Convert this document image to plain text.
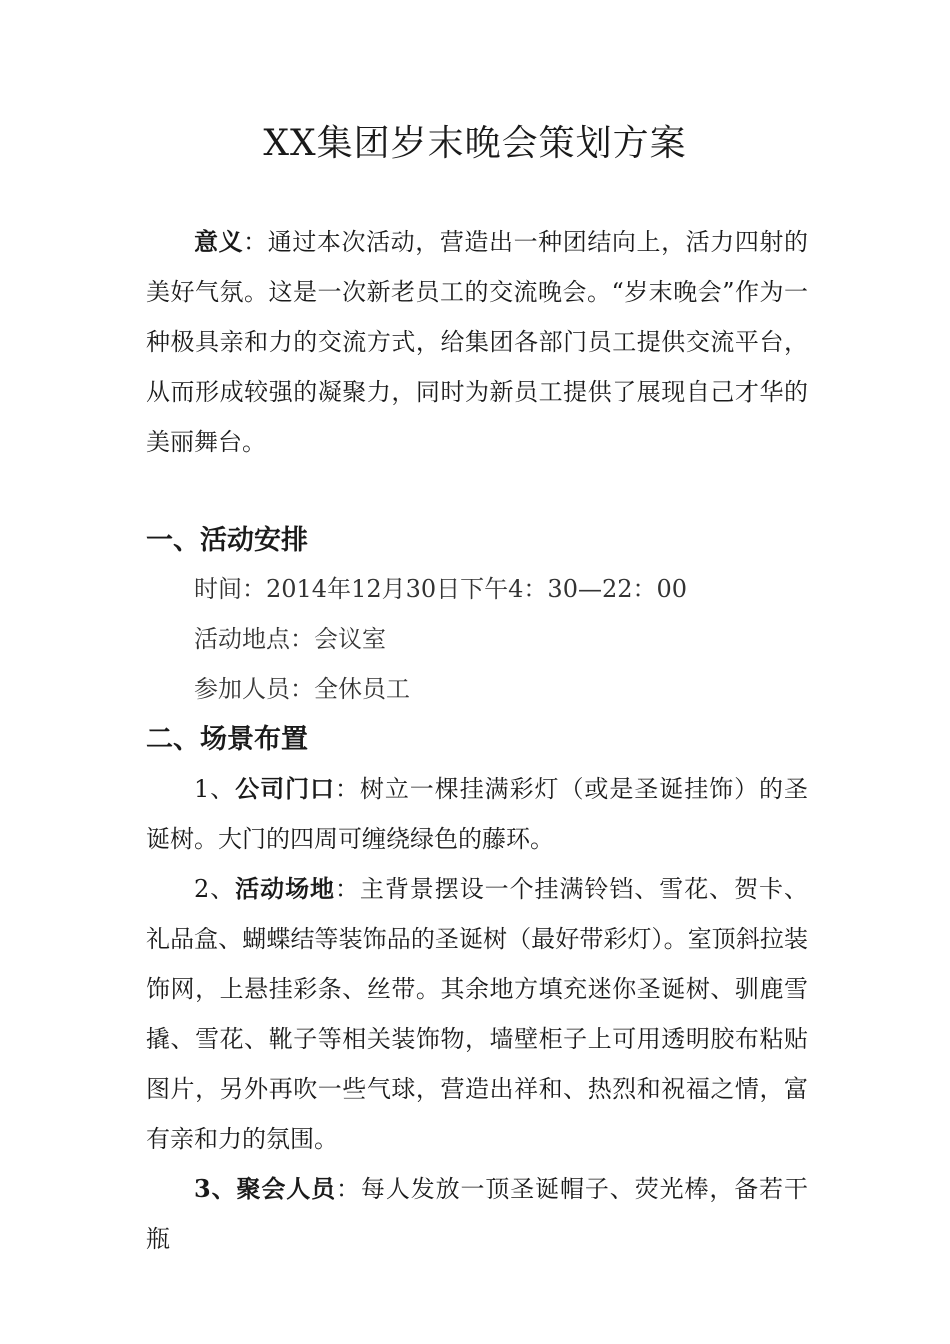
XX集团岁末晚会策划方案

意义：通过本次活动，营造出一种团结向上，活力四射的美好气氛。这是一次新老员工的交流晚会。“岁末晚会”作为一种极具亲和力的交流方式，给集团各部门员工提供交流平台，从而形成较强的凝聚力，同时为新员工提供了展现自己才华的美丽舞台。

一、活动安排

时间：2014年12月30日下午4：30—22：00

活动地点：会议室

参加人员：全休员工

二、场景布置

1、公司门口：树立一棵挂满彩灯（或是圣诞挂饰）的圣诞树。大门的四周可缠绕绿色的藤环。

2、活动场地：主背景摆设一个挂满铃铛、雪花、贺卡、礼品盒、蝴蝶结等装饰品的圣诞树（最好带彩灯）。室顶斜拉装饰网，上悬挂彩条、丝带。其余地方填充迷你圣诞树、驯鹿雪撬、雪花、靴子等相关装饰物，墙壁柜子上可用透明胶布粘贴图片，另外再吹一些气球，营造出祥和、热烈和祝福之情，富有亲和力的氛围。

3、聚会人员：每人发放一顶圣诞帽子、荧光棒，备若干瓶
